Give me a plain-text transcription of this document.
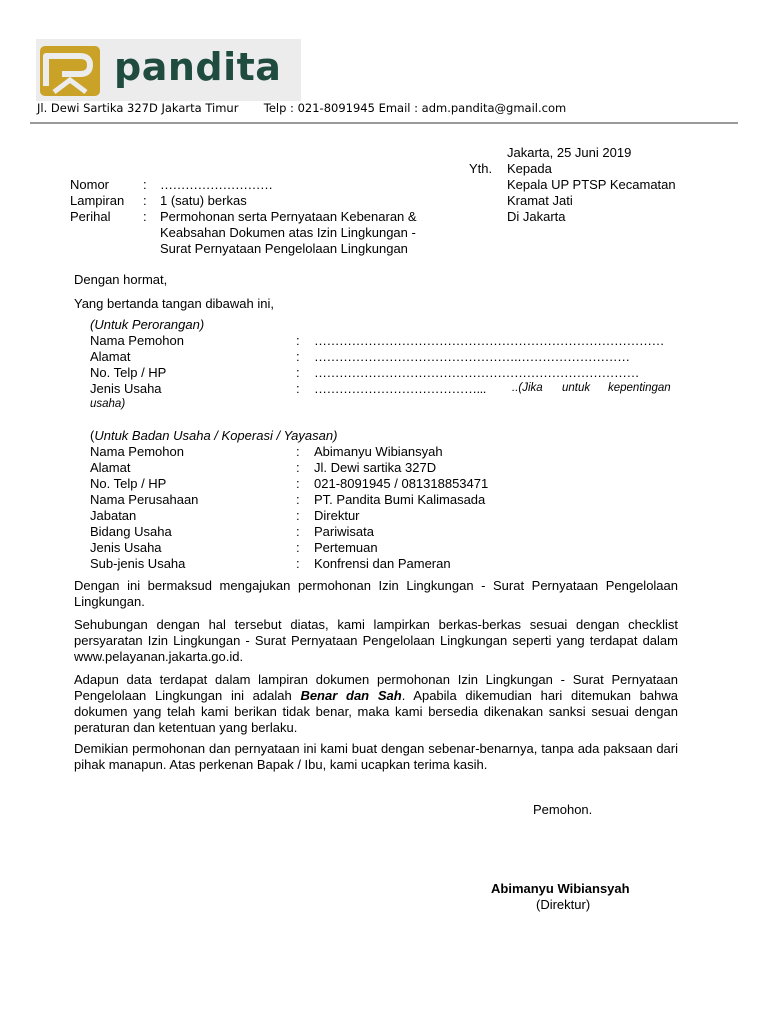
pandita
Jl. Dewi Sartika 327D Jakarta Timur Telp : 021-8091945 Email : adm.pandita@gmail.com
Jakarta, 25 Juni 2019
Yth. Kepada
Kepala UP PTSP Kecamatan
Kramat Jati
Di Jakarta
Nomor	: ………………………
Lampiran : 1 (satu) berkas
Perihal	: Permohonan serta Pernyataan Kebenaran &
Keabsahan Dokumen atas Izin Lingkungan -
Surat Pernyataan Pengelolaan Lingkungan
Dengan hormat,
Yang bertanda tangan dibawah ini,
(Untuk Perorangan)
Nama Pemohon	: …………………………………………………………………………
Alamat	: ………………………………………….………………………
No. Telp / HP	: ……………………………………………………………………
Jenis Usaha	: …………………………………... ..(Jika untuk kepentingan
usaha)
(Untuk Badan Usaha / Koperasi / Yayasan)
Nama Pemohon	: Abimanyu Wibiansyah
Alamat	: Jl. Dewi sartika 327D
No. Telp / HP	: 021-8091945 / 081318853471
Nama Perusahaan	: PT. Pandita Bumi Kalimasada
Jabatan	: Direktur
Bidang Usaha	: Pariwisata
Jenis Usaha	: Pertemuan
Sub-jenis Usaha	: Konfrensi dan Pameran
Dengan ini bermaksud mengajukan permohonan Izin Lingkungan - Surat Pernyataan Pengelolaan Lingkungan.
Sehubungan dengan hal tersebut diatas, kami lampirkan berkas-berkas sesuai dengan checklist persyaratan Izin Lingkungan - Surat Pernyataan Pengelolaan Lingkungan seperti yang terdapat dalam www.pelayanan.jakarta.go.id.
Adapun data terdapat dalam lampiran dokumen permohonan Izin Lingkungan - Surat Pernyataan Pengelolaan Lingkungan ini adalah Benar dan Sah. Apabila dikemudian hari ditemukan bahwa dokumen yang telah kami berikan tidak benar, maka kami bersedia dikenakan sanksi sesuai dengan peraturan dan ketentuan yang berlaku.
Demikian permohonan dan pernyataan ini kami buat dengan sebenar-benarnya, tanpa ada paksaan dari pihak manapun. Atas perkenan Bapak / Ibu, kami ucapkan terima kasih.
Pemohon.
Abimanyu Wibiansyah
(Direktur)
